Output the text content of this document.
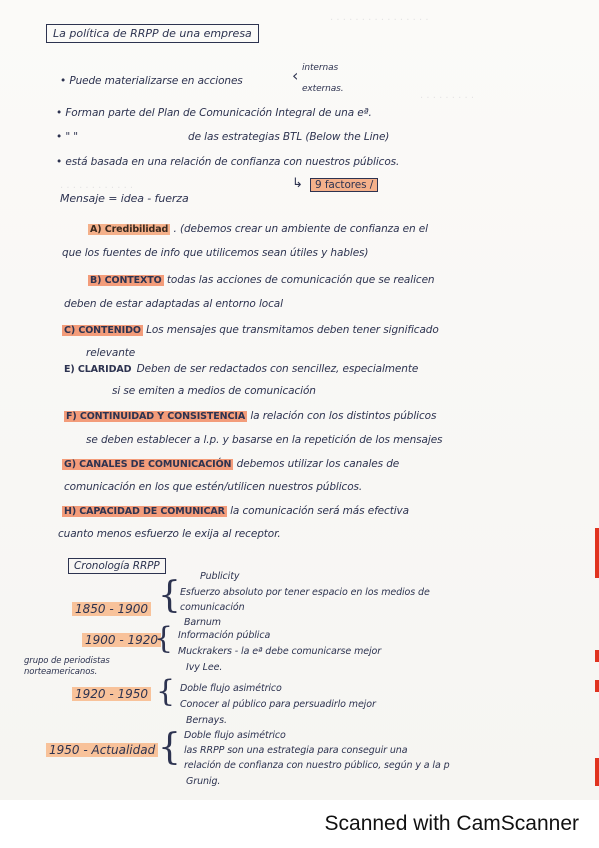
. . . . . . . . . . . . . . . .
. . . . . . . . .
. . . . . . . . . . . .
La política de RRPP de una empresa
• Puede materializarse en acciones
internas
externas.
‹
• Forman parte del Plan de Comunicación Integral de una eª.
• " "	de las estrategias BTL (Below the Line)
• está basada en una relación de confianza con nuestros públicos.
Mensaje = idea - fuerza
↳	9 factores /
A) Credibilidad . (debemos crear un ambiente de confianza en el
que los fuentes de info que utilicemos sean útiles y hables)
B) CONTEXTO todas las acciones de comunicación que se realicen
deben de estar adaptadas al entorno local
C) CONTENIDO Los mensajes que transmitamos deben tener significado
relevante
E) CLARIDAD Deben de ser redactados con sencillez, especialmente
si se emiten a medios de comunicación
F) CONTINUIDAD Y CONSISTENCIA la relación con los distintos públicos
se deben establecer a l.p. y basarse en la repetición de los mensajes
G) CANALES DE COMUNICACIÓN debemos utilizar los canales de
comunicación en los que estén/utilicen nuestros públicos.
H) CAPACIDAD DE COMUNICAR la comunicación será más efectiva
cuanto menos esfuerzo le exija al receptor.
Cronología RRPP
1850 - 1900 { Publicity
Esfuerzo absoluto por tener espacio en los medios de
comunicación
Barnum
1900 - 1920
{ Información pública
Muckrakers - la eª debe comunicarse mejor
Ivy Lee.
grupo de periodistas norteamericanos.
1920 - 1950 { Doble flujo asimétrico
Conocer al público para persuadirlo mejor
Bernays.
1950 - Actualidad { Doble flujo asimétrico
las RRPP son una estrategia para conseguir una
relación de confianza con nuestro público, según y a la p
Grunig.
Scanned with CamScanner
